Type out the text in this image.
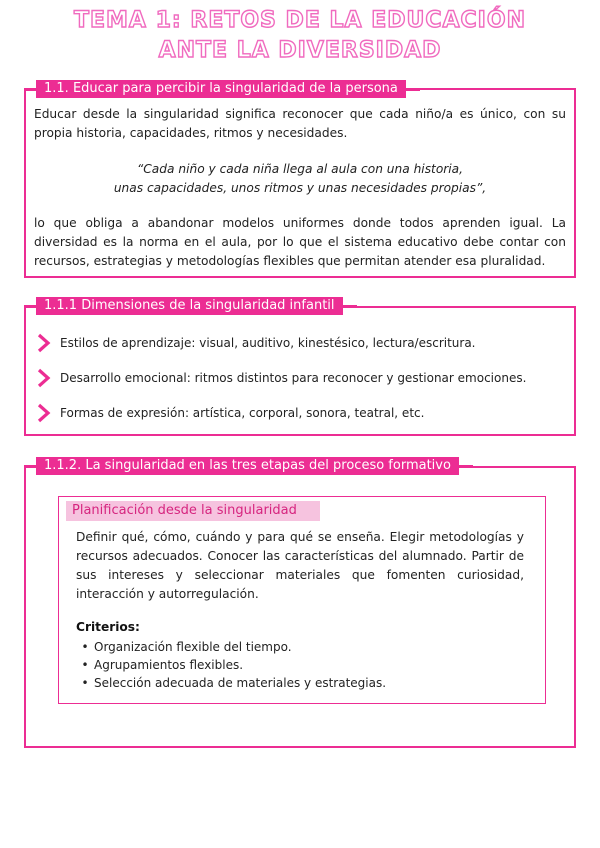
TEMA 1: RETOS DE LA EDUCACIÓN
ANTE LA DIVERSIDAD
1.1. Educar para percibir la singularidad de la persona
Educar desde la singularidad significa reconocer que cada niño/a es único, con su propia historia, capacidades, ritmos y necesidades.
“Cada niño y cada niña llega al aula con una historia,
unas capacidades, unos ritmos y unas necesidades propias”,
lo que obliga a abandonar modelos uniformes donde todos aprenden igual. La diversidad es la norma en el aula, por lo que el sistema educativo debe contar con recursos, estrategias y metodologías flexibles que permitan atender esa pluralidad.
1.1.1 Dimensiones de la singularidad infantil
Estilos de aprendizaje: visual, auditivo, kinestésico, lectura/escritura.
Desarrollo emocional: ritmos distintos para reconocer y gestionar emociones.
Formas de expresión: artística, corporal, sonora, teatral, etc.
1.1.2. La singularidad en las tres etapas del proceso formativo
Planificación desde la singularidad
Definir qué, cómo, cuándo y para qué se enseña. Elegir metodologías y recursos adecuados. Conocer las características del alumnado. Partir de sus intereses y seleccionar materiales que fomenten curiosidad, interacción y autorregulación.
Criterios:
• Organización flexible del tiempo.
• Agrupamientos flexibles.
• Selección adecuada de materiales y estrategias.
